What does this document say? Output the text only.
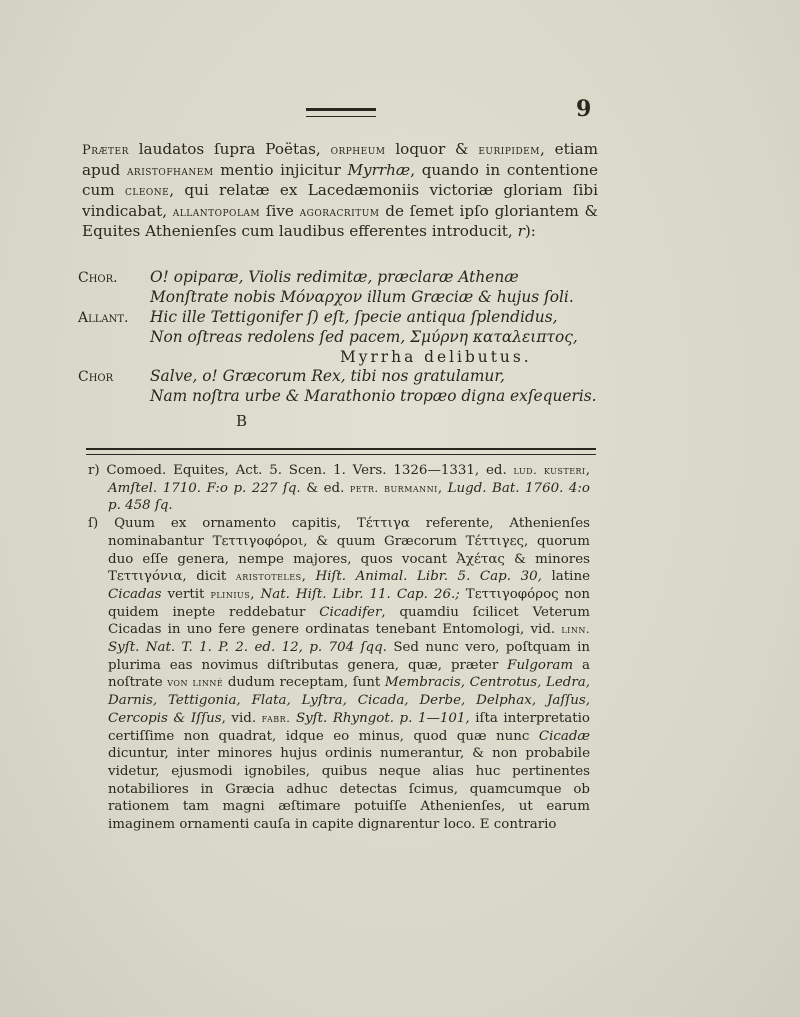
9
Præter laudatos ſupra Poëtas, orpheum loquor & euripidem, etiam apud aristofhanem mentio injicitur Myrrhæ, quando in contentione cum cleone, qui relatæ ex Lacedæmoniis victoriæ gloriam ſibi vindicabat, allantopolam ſive agoracritum de ſemet ipſo gloriantem & Equites Athenienſes cum laudibus efferentes introducit, r):
Chor. O! opiparæ, Violis redimitæ, præclaræ Athenæ
Monſtrate nobis Μόναρχον illum Græciæ & hujus ſoli.
Allant. Hic ille Tettigonifer ſ) eſt, ſpecie antiqua ſplendidus,
Non oſtreas redolens ſed pacem, Σμύρνη καταλειπτος,
Myrrha delibutus.
Chor Salve, o! Græcorum Rex, tibi nos gratulamur,
Nam noſtra urbe & Marathonio tropæo digna exſequeris.
B

r) Comoed. Equites, Act. 5. Scen. 1. Vers. 1326—1331, ed. lud. kusteri, Amſtel. 1710. F:o p. 227 ſq. & ed. petr. burmanni, Lugd. Bat. 1760. 4:o p. 458 ſq.

ſ) Quum ex ornamento capitis, Τέττιγα referente, Athenienſes nominabantur Τεττιγοφόροι, & quum Græcorum Τέττιγες, quorum duo eſſe genera, nempe majores, quos vocant Ἀχέτας & minores Τεττιγόνια, dicit aristoteles, Hiſt. Animal. Libr. 5. Cap. 30, latine Cicadas vertit plinius, Nat. Hiſt. Libr. 11. Cap. 26.; Τεττιγοφόρος non quidem inepte reddebatur Cicadifer, quamdiu ſcilicet Veterum Cicadas in uno fere genere ordinatas tenebant Entomologi, vid. linn. Syſt. Nat. T. 1. P. 2. ed. 12, p. 704 ſqq. Sed nunc vero, poſtquam in plurima eas novimus diſtributas genera, quæ, præter Fulgoram a noſtrate von linné dudum receptam, ſunt Membracis, Centrotus, Ledra, Darnis, Tettigonia, Flata, Lyſtra, Cicada, Derbe, Delphax, Jaſſus, Cercopis & Iſſus, vid. fabr. Syſt. Rhyngot. p. 1—101, iſta interpretatio certiſſime non quadrat, idque eo minus, quod quæ nunc Cicadæ dicuntur, inter minores hujus ordinis numerantur, & non probabile videtur, ejusmodi ignobiles, quibus neque alias huc pertinentes notabiliores in Græcia adhuc detectas ſcimus, quamcumque ob rationem tam magni æſtimare potuiſſe Athenienſes, ut earum imaginem ornamenti cauſa in capite dignarentur loco. E contrario
